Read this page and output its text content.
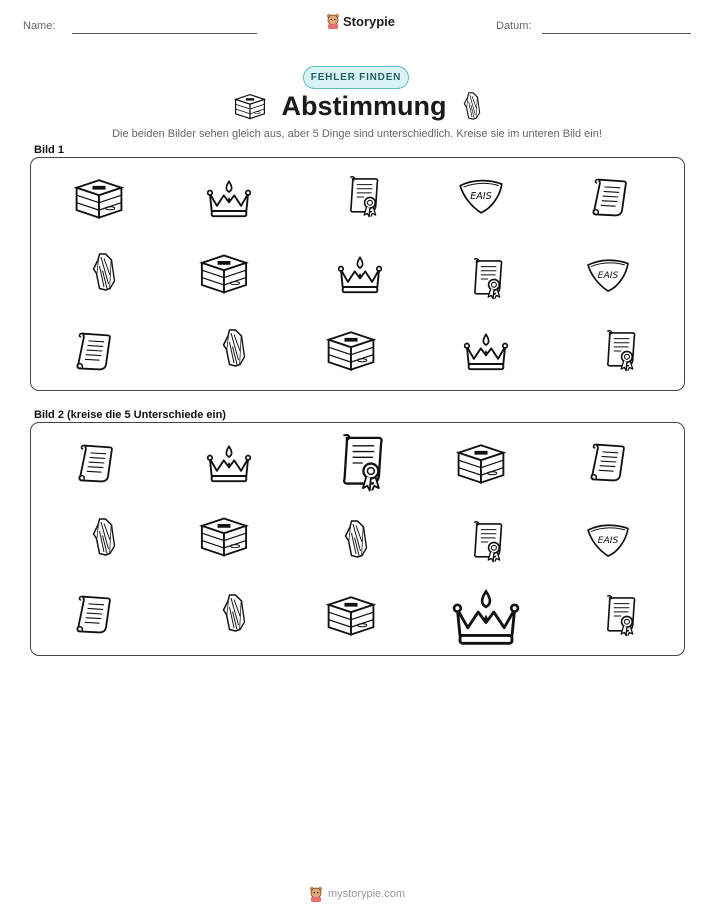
Name:	Storypie	Datum:
FEHLER FINDEN
Abstimmung
Die beiden Bilder sehen gleich aus, aber 5 Dinge sind unterschiedlich. Kreise sie im unteren Bild ein!
Bild 1
Bild 2 (kreise die 5 Unterschiede ein)
mystorypie.com
